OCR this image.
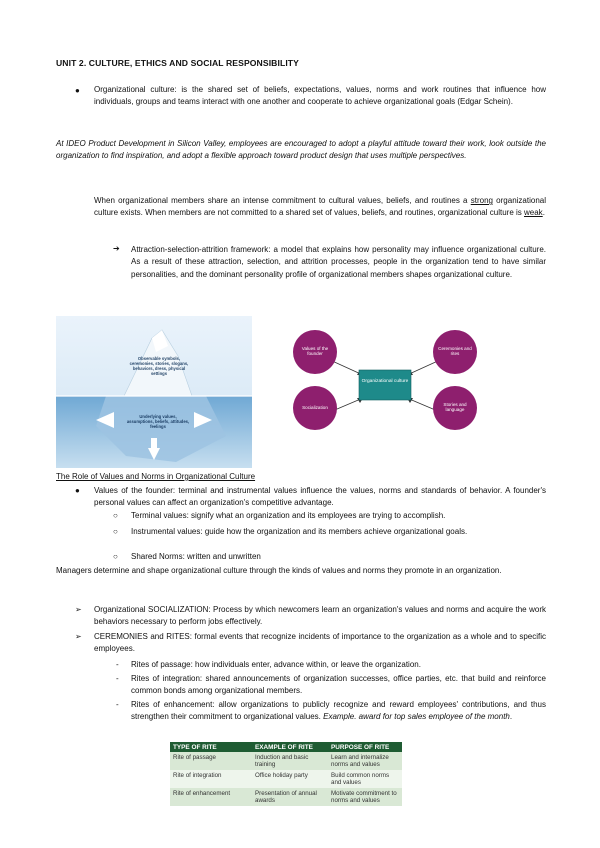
UNIT 2. CULTURE, ETHICS AND SOCIAL RESPONSIBILITY
●	Organizational culture: is the shared set of beliefs, expectations, values, norms and work routines that influence how individuals, groups and teams interact with one another and cooperate to achieve organizational goals (Edgar Schein).

At IDEO Product Development in Silicon Valley, employees are encouraged to adopt a playful attitude toward their work, look outside the organization to find inspiration, and adopt a flexible approach toward product design that uses multiple perspectives.

When organizational members share an intense commitment to cultural values, beliefs, and routines a strong organizational culture exists. When members are not committed to a shared set of values, beliefs, and routines, organizational culture is weak.

➔ Attraction-selection-attrition framework: a model that explains how personality may influence organizational culture. As a result of these attraction, selection, and attrition processes, people in the organization tend to have similar personalities, and the dominant personality profile of organizational members shapes organizational culture.

Observable symbols, ceremonies, stories, slogans, behaviors, dress, physical settings
Underlying values, assumptions, beliefs, attitudes, feelings
Values of the founder
Ceremonies and rites
Socialization
Stories and language
Organizational culture
The Role of Values and Norms in Organizational Culture
● Values of the founder: terminal and instrumental values influence the values, norms and standards of behavior. A founder's personal values can affect an organization's competitive advantage.

○ Terminal values: signify what an organization and its employees are trying to accomplish.

○ Instrumental values: guide how the organization and its members achieve organizational goals.

○ Shared Norms: written and unwritten

Managers determine and shape organizational culture through the kinds of values and norms they promote in an organization.

➢ Organizational SOCIALIZATION: Process by which newcomers learn an organization's values and norms and acquire the work behaviors necessary to perform jobs effectively.

➢ CEREMONIES and RITES: formal events that recognize incidents of importance to the organization as a whole and to specific employees.

- Rites of passage: how individuals enter, advance within, or leave the organization.

- Rites of integration: shared announcements of organization successes, office parties, etc. that build and reinforce common bonds among organizational members.

- Rites of enhancement: allow organizations to publicly recognize and reward employees' contributions, and thus strengthen their commitment to organizational values. Example. award for top sales employee of the month.

TYPE OF RITE	EXAMPLE OF RITE	PURPOSE OF RITE
Rite of passage	Induction and basic training	Learn and internalize norms and values
Rite of integration	Office holiday party	Build common norms and values
Rite of enhancement	Presentation of annual awards	Motivate commitment to norms and values
